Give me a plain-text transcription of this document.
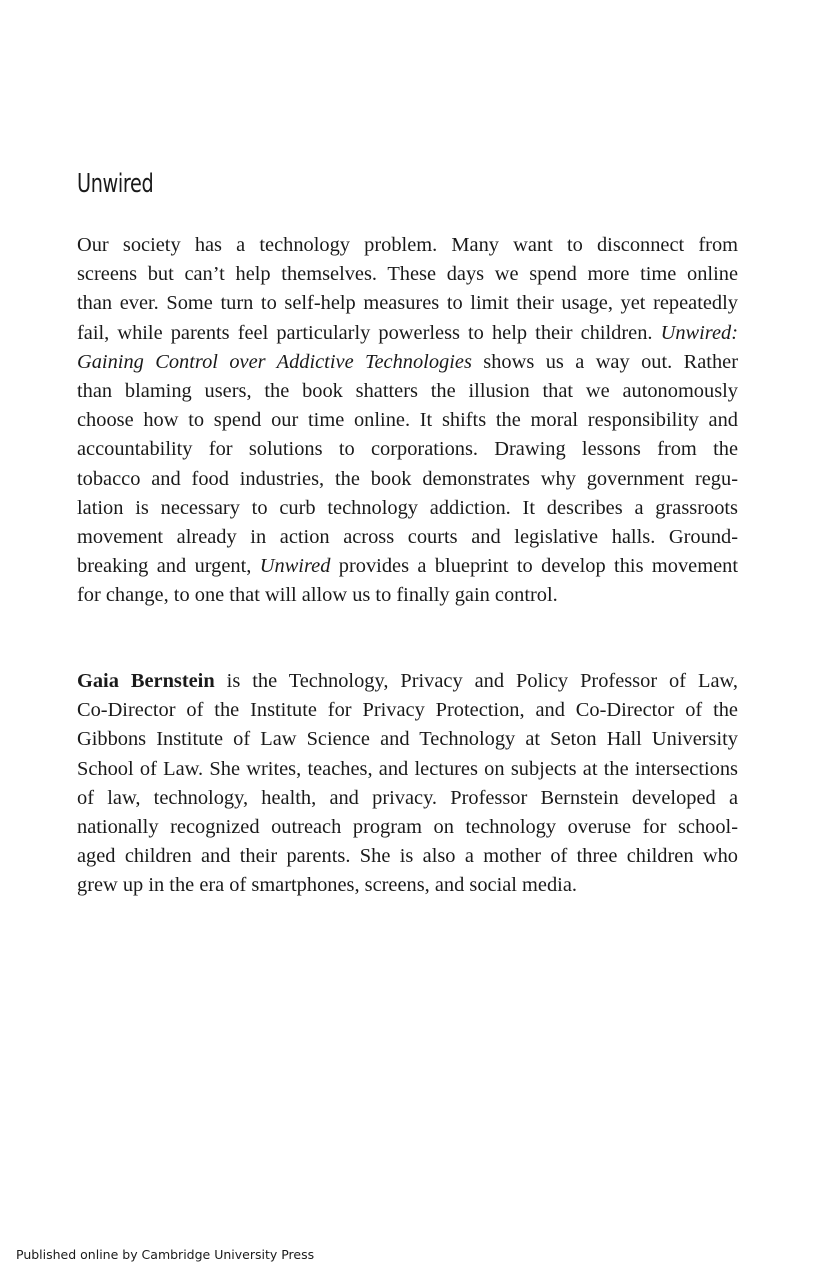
Unwired
Our society has a technology problem. Many want to disconnect from
screens but can’t help themselves. These days we spend more time online
than ever. Some turn to self-help measures to limit their usage, yet repeatedly
fail, while parents feel particularly powerless to help their children. Unwired:
Gaining Control over Addictive Technologies shows us a way out. Rather
than blaming users, the book shatters the illusion that we autonomously
choose how to spend our time online. It shifts the moral responsibility and
accountability for solutions to corporations. Drawing lessons from the
tobacco and food industries, the book demonstrates why government regu-
lation is necessary to curb technology addiction. It describes a grassroots
movement already in action across courts and legislative halls. Ground-
breaking and urgent, Unwired provides a blueprint to develop this movement
for change, to one that will allow us to finally gain control.
Gaia Bernstein is the Technology, Privacy and Policy Professor of Law,
Co-Director of the Institute for Privacy Protection, and Co-Director of the
Gibbons Institute of Law Science and Technology at Seton Hall University
School of Law. She writes, teaches, and lectures on subjects at the intersections
of law, technology, health, and privacy. Professor Bernstein developed a
nationally recognized outreach program on technology overuse for school-
aged children and their parents. She is also a mother of three children who
grew up in the era of smartphones, screens, and social media.
Published online by Cambridge University Press
